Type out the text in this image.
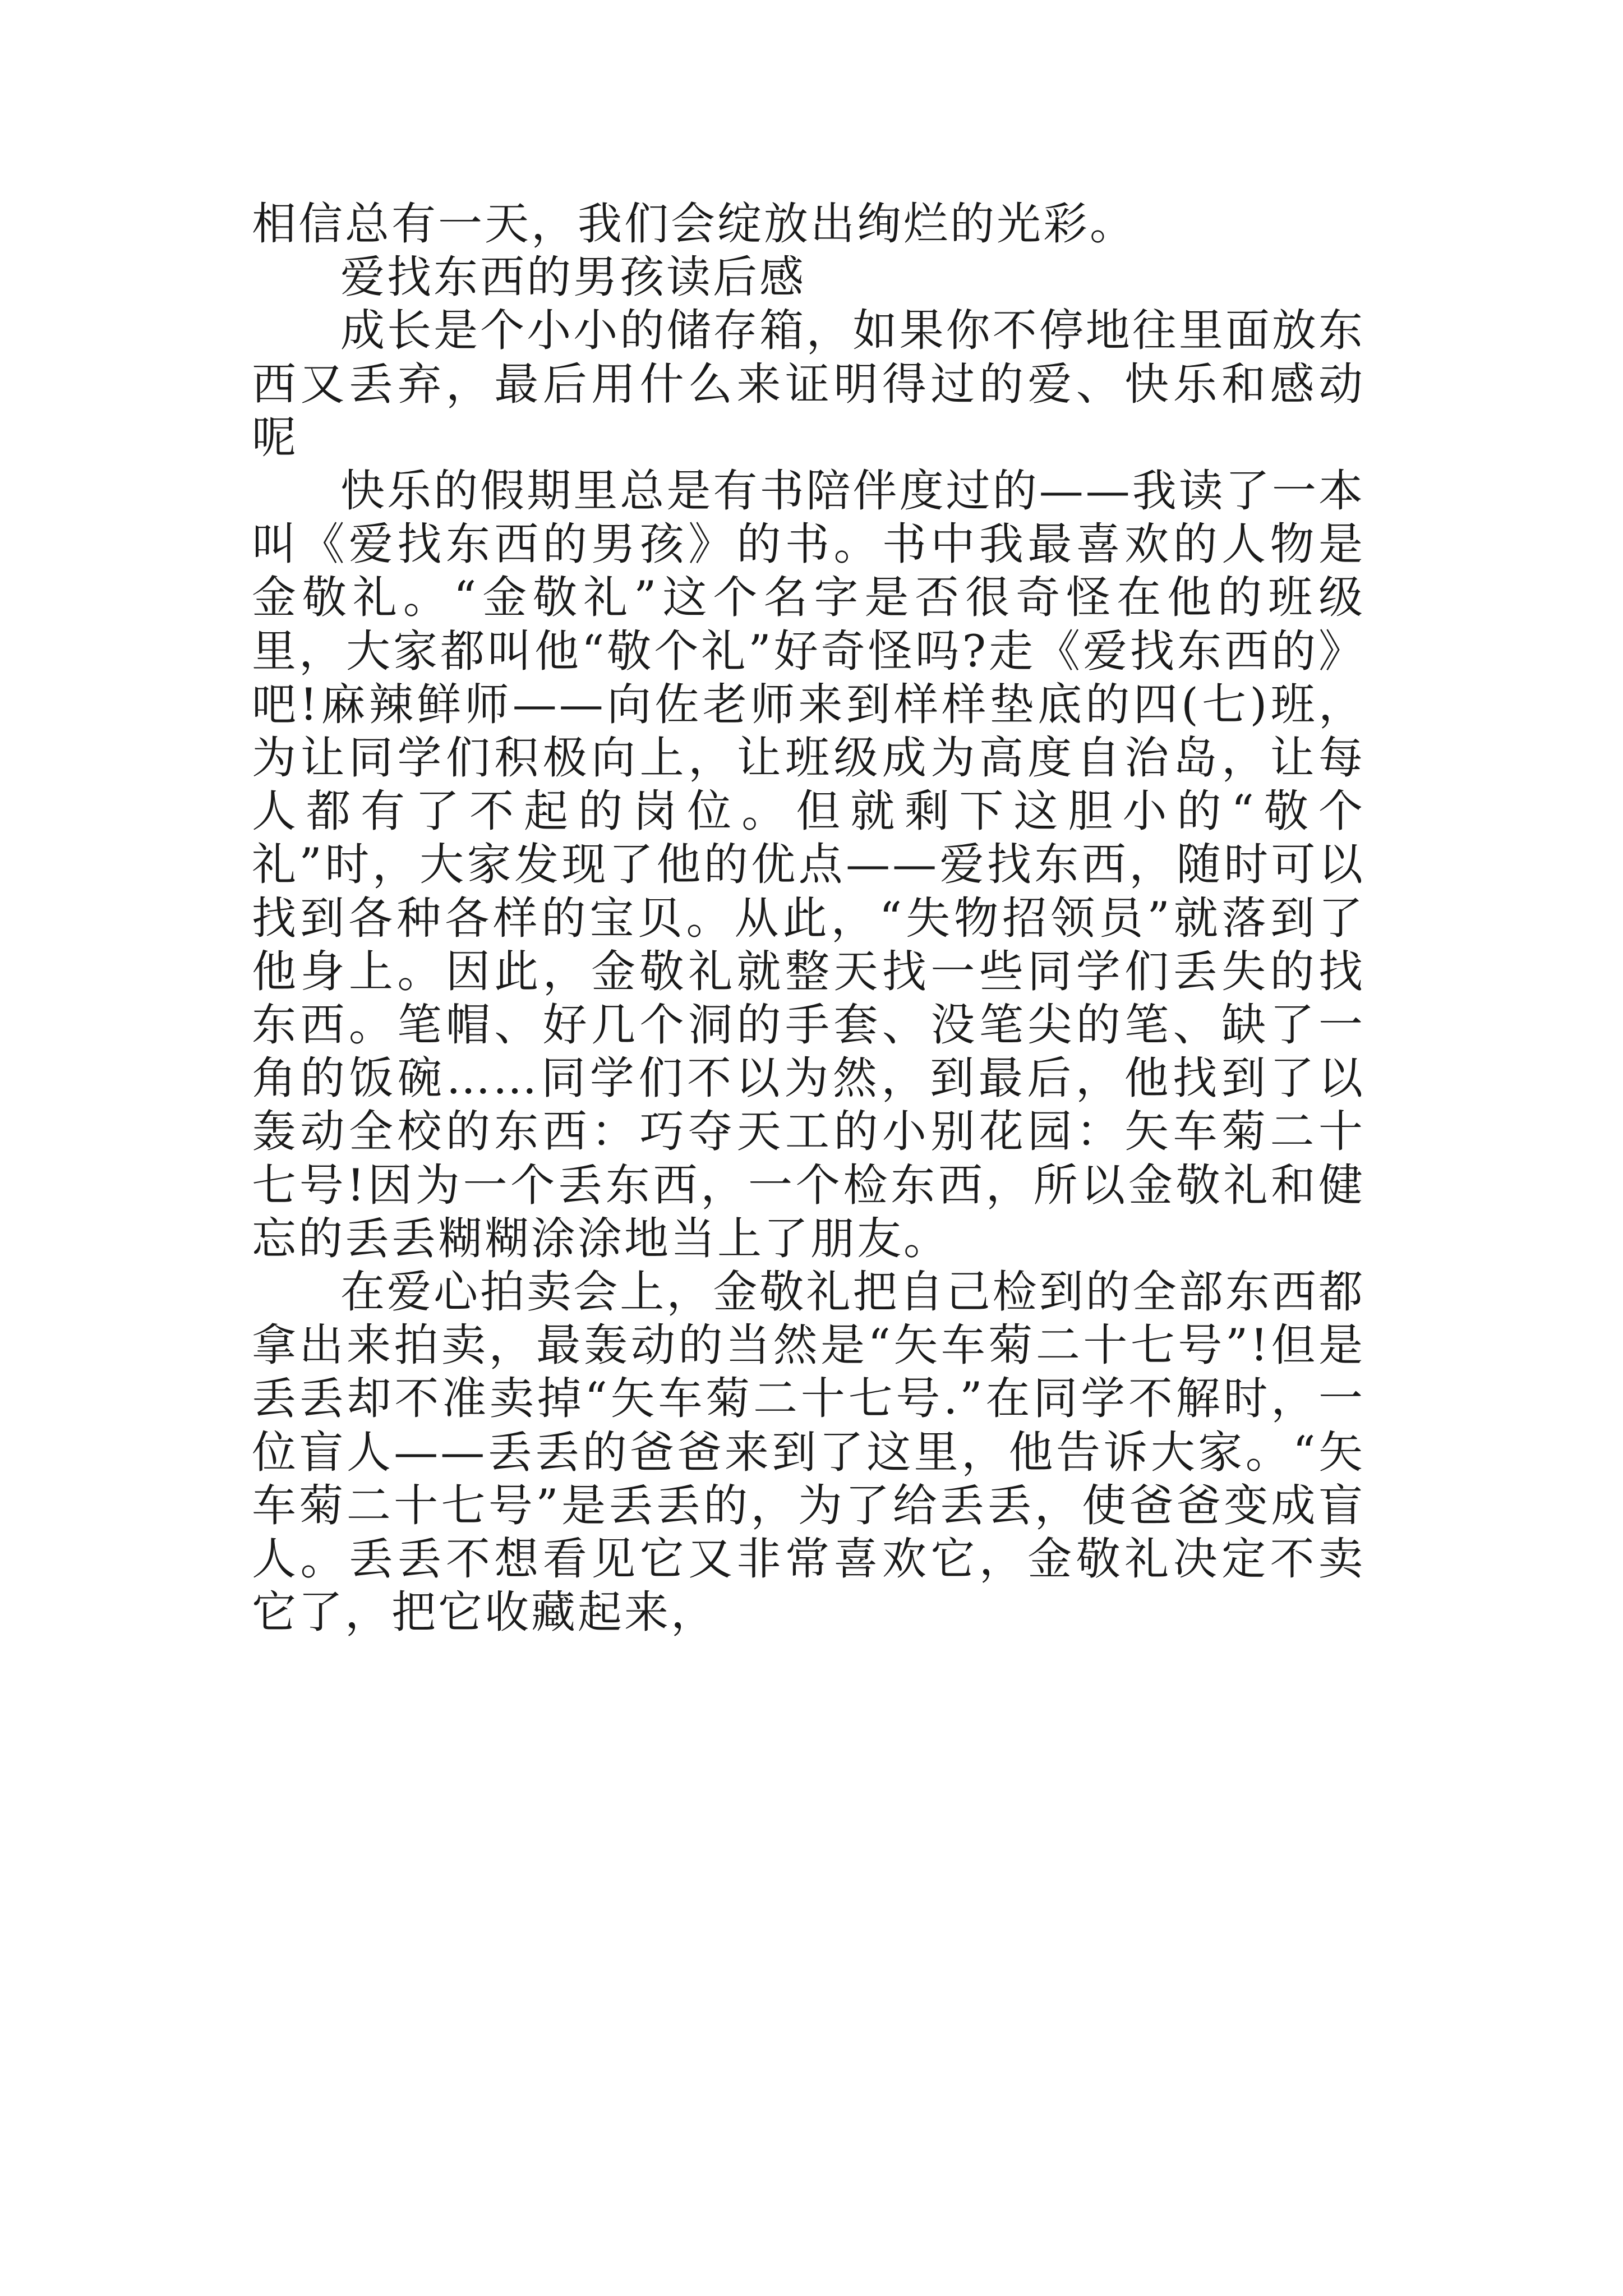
相信总有一天，我们会绽放出绚烂的光彩。

爱找东西的男孩读后感

成长是个小小的储存箱，如果你不停地往里面放东西又丢弃，最后用什么来证明得过的爱、快乐和感动呢

快乐的假期里总是有书陪伴度过的——我读了一本叫《爱找东西的男孩》的书。书中我最喜欢的人物是金敬礼。“金敬礼”这个名字是否很奇怪在他的班级里，大家都叫他“敬个礼”好奇怪吗?走《爱找东西的》吧!麻辣鲜师——向佐老师来到样样垫底的四(七)班，为让同学们积极向上，让班级成为高度自治岛，让每人都有了不起的岗位。但就剩下这胆小的“敬个礼”时，大家发现了他的优点——爱找东西，随时可以找到各种各样的宝贝。从此，“失物招领员”就落到了他身上。因此，金敬礼就整天找一些同学们丢失的找东西。笔帽、好几个洞的手套、没笔尖的笔、缺了一角的饭碗……同学们不以为然，到最后，他找到了以轰动全校的东西：巧夺天工的小别花园：矢车菊二十七号!因为一个丢东西，一个检东西，所以金敬礼和健忘的丢丢糊糊涂涂地当上了朋友。

在爱心拍卖会上，金敬礼把自己检到的全部东西都拿出来拍卖，最轰动的当然是“矢车菊二十七号”!但是丢丢却不准卖掉“矢车菊二十七号.”在同学不解时，一位盲人——丢丢的爸爸来到了这里，他告诉大家。“矢车菊二十七号”是丢丢的，为了给丢丢，使爸爸变成盲人。丢丢不想看见它又非常喜欢它，金敬礼决定不卖它了，把它收藏起来，
